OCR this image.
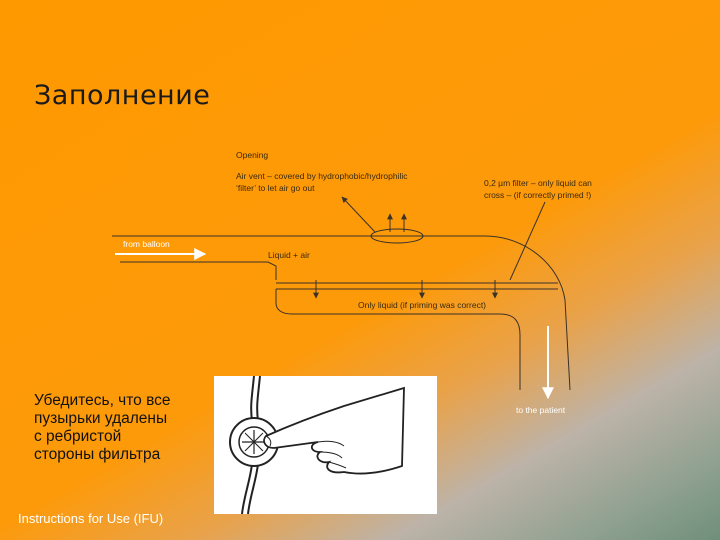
Заполнение
Opening
Air vent – covered by hydrophobic/hydrophilic
‘filter’ to let air go out	0,2 µm filter – only liquid can
cross – (if correctly primed !)
from balloon
Liquid + air
Only liquid (if priming was correct)
to the patient
Убедитесь, что все
пузырьки удалены
с ребристой
стороны фильтра
Instructions for Use (IFU)
